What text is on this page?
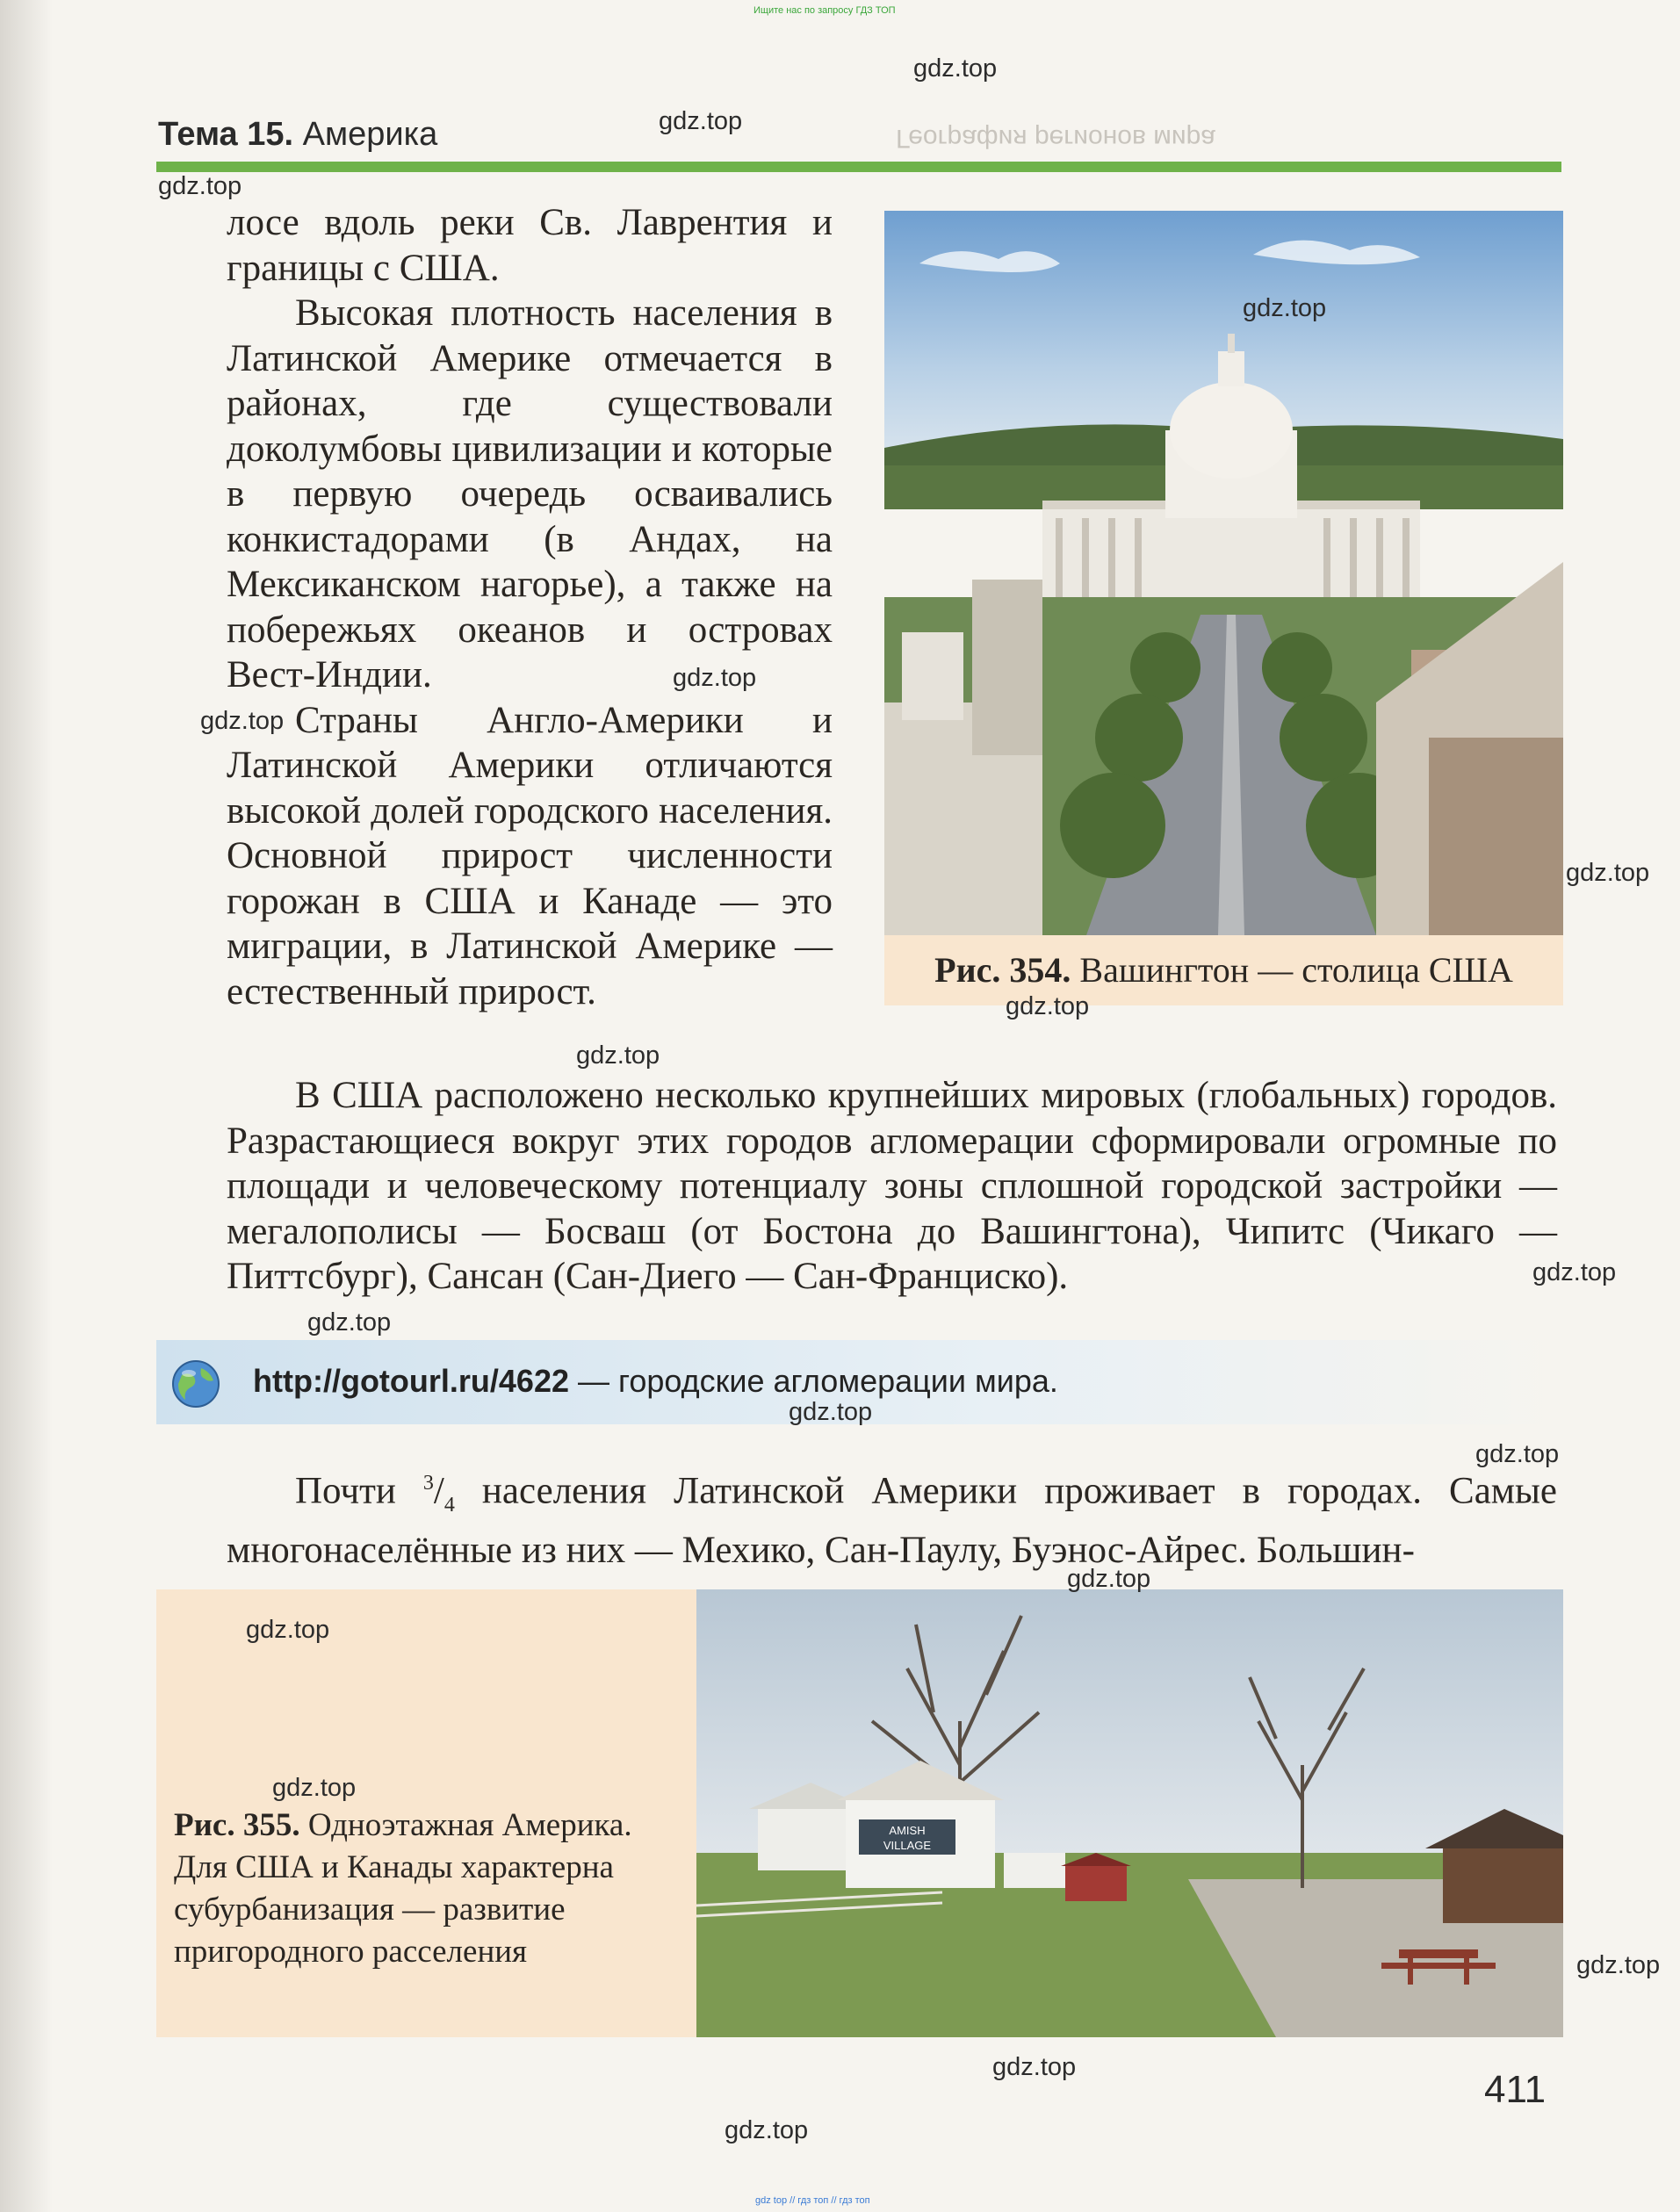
Ищите нас по запросу ГДЗ ТОП
gdz top // гдз топ // гдз топ
География регионов мира
Тема 15. Америка

лосе вдоль реки Св. Лаврентия и границы с США.

Высокая плотность населения в Латинской Америке отмечается в районах, где существовали доколумбовы цивилизации и которые в первую очередь осваивались конкистадорами (в Андах, на Мексиканском нагорье), а также на побережьях океанов и островах Вест-Индии.

Страны Англо-Америки и Латинской Америки отличаются высокой долей городского населения. Основной прирост численности горожан в США и Канаде — это миграции, в Латинской Америке — естественный прирост.

Рис. 354. Вашингтон — столица США

В США расположено несколько крупнейших мировых (глобальных) городов. Разрастающиеся вокруг этих городов агломерации сформировали огромные по площади и человеческому потенциалу зоны сплошной городской застройки — мегалополисы — Босваш (от Бостона до Вашингтона), Чипитс (Чикаго — Питтсбург), Сансан (Сан-Диего — Сан-Франциско).

http://gotourl.ru/4622 — городские агломерации мира.

Почти $^3/_4$ населения Латинской Америки проживает в городах. Самые многонаселённые из них — Мехико, Сан-Паулу, Буэнос-Айрес. Большин-

AMISH
VILLAGE
Рис. 355. Одноэтажная Америка. Для США и Канады характерна субурбанизация — развитие пригородного расселения
411
gdz.top
gdz.top
gdz.top
gdz.top
gdz.top
gdz.top
gdz.top
gdz.top
gdz.top
gdz.top
gdz.top
gdz.top
gdz.top
gdz.top
gdz.top
gdz.top
gdz.top
gdz.top
gdz.top
